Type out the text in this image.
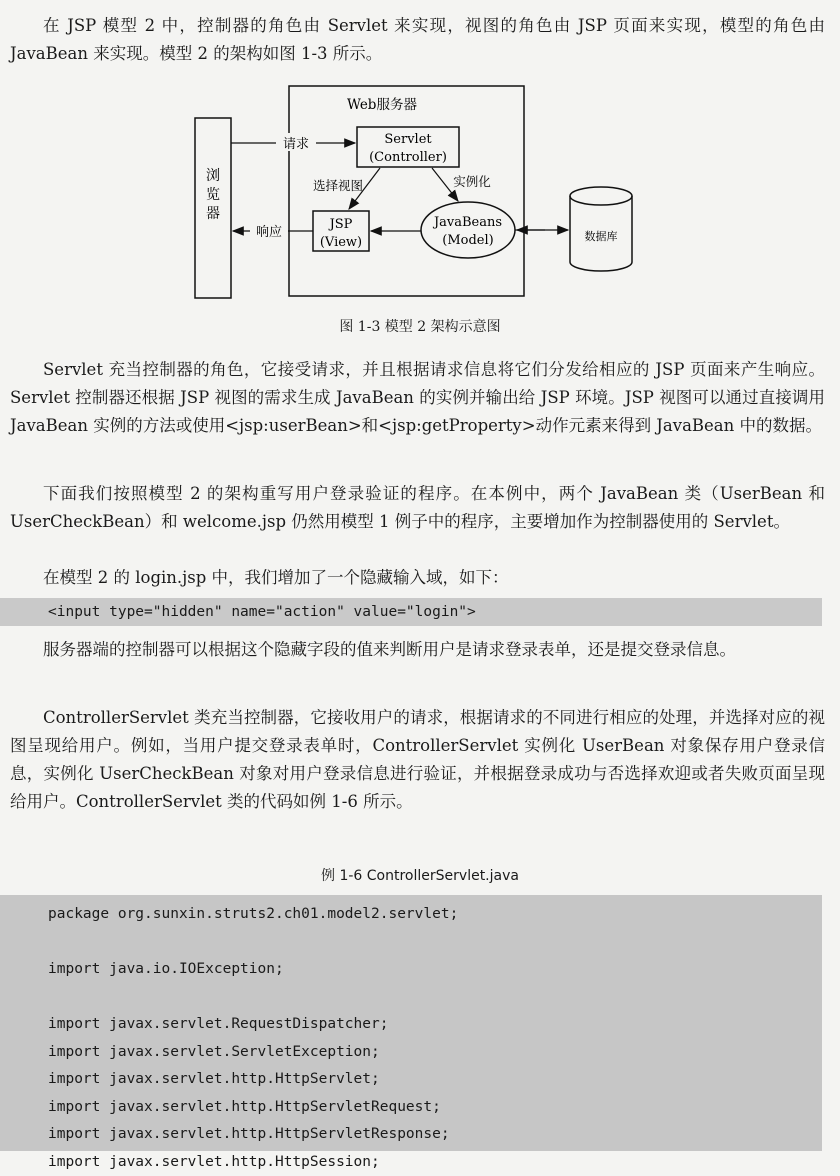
在 JSP 模型 2 中，控制器的角色由 Servlet 来实现，视图的角色由 JSP 页面来实现，模型的角色由 JavaBean 来实现。模型 2 的架构如图 1-3 所示。

浏
览
器
Web服务器
Servlet
(Controller)
JSP
(View)
JavaBeans
(Model)	数据库
请求
响应
选择视图	实例化
图 1-3 模型 2 架构示意图

Servlet 充当控制器的角色，它接受请求，并且根据请求信息将它们分发给相应的 JSP 页面来产生响应。Servlet 控制器还根据 JSP 视图的需求生成 JavaBean 的实例并输出给 JSP 环境。JSP 视图可以通过直接调用 JavaBean 实例的方法或使用<jsp:userBean>和<jsp:getProperty>动作元素来得到 JavaBean 中的数据。

下面我们按照模型 2 的架构重写用户登录验证的程序。在本例中，两个 JavaBean 类（UserBean 和 UserCheckBean）和 welcome.jsp 仍然用模型 1 例子中的程序，主要增加作为控制器使用的 Servlet。

在模型 2 的 login.jsp 中，我们增加了一个隐藏输入域，如下：

<input type="hidden" name="action" value="login">

服务器端的控制器可以根据这个隐藏字段的值来判断用户是请求登录表单，还是提交登录信息。

ControllerServlet 类充当控制器，它接收用户的请求，根据请求的不同进行相应的处理，并选择对应的视图呈现给用户。例如，当用户提交登录表单时，ControllerServlet 实例化 UserBean 对象保存用户登录信息，实例化 UserCheckBean 对象对用户登录信息进行验证，并根据登录成功与否选择欢迎或者失败页面呈现给用户。ControllerServlet 类的代码如例 1-6 所示。

例 1-6 ControllerServlet.java
package org.sunxin.struts2.ch01.model2.servlet;
import java.io.IOException;
import javax.servlet.RequestDispatcher;
import javax.servlet.ServletException;
import javax.servlet.http.HttpServlet;
import javax.servlet.http.HttpServletRequest;
import javax.servlet.http.HttpServletResponse;
import javax.servlet.http.HttpSession;
